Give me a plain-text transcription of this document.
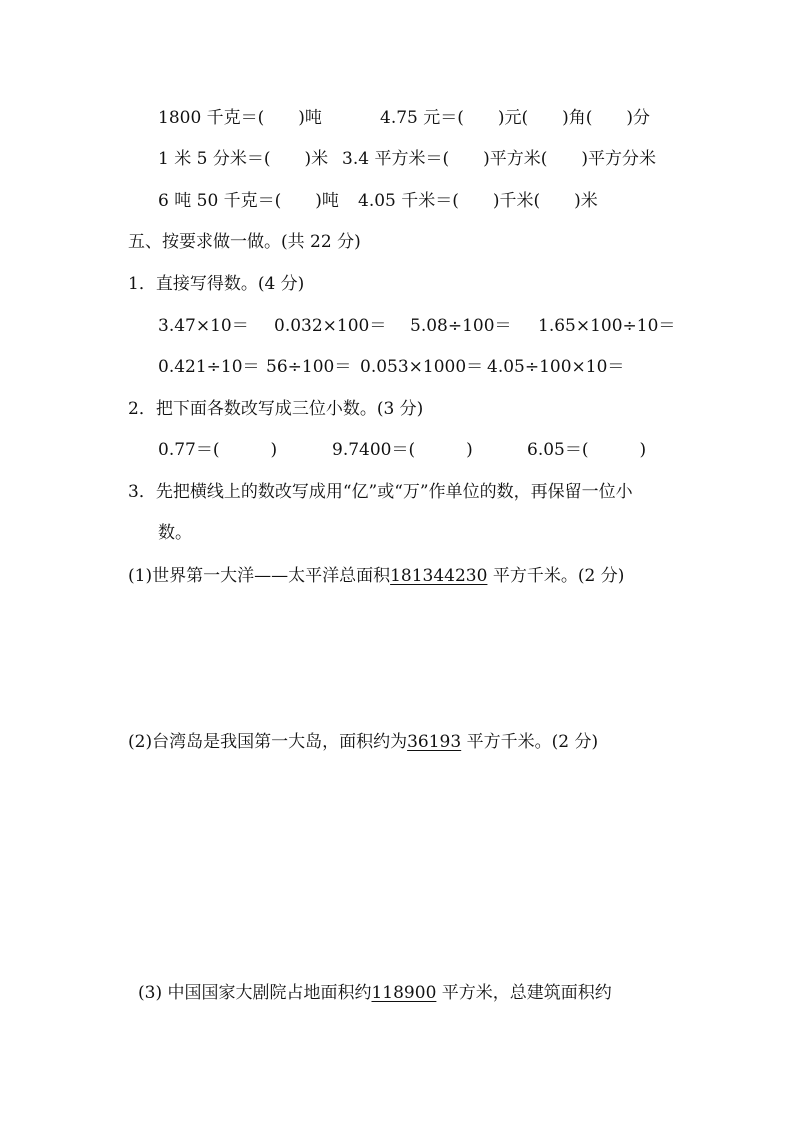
1800 千克＝(　　)吨	4.75 元＝(　　)元(　　)角(　　)分
1 米 5 分米＝(　　)米 3.4 平方米＝(　　)平方米(　　)平方分米
6 吨 50 千克＝(　　)吨 4.05 千米＝(　　)千米(　　)米
五、按要求做一做。(共 22 分)
1．直接写得数。(4 分)
3.47×10＝ 0.032×100＝ 5.08÷100＝ 1.65×100÷10＝
0.421÷10＝ 56÷100＝ 0.053×1000＝ 4.05÷100×10＝
2．把下面各数改写成三位小数。(3 分)
0.77＝(　　　)	9.7400＝(　　　)	6.05＝(　　　)
3．先把横线上的数改写成用“亿”或“万”作单位的数，再保留一位小
数。
(1)世界第一大洋——太平洋总面积181344230 平方千米。(2 分)
(2)台湾岛是我国第一大岛，面积约为36193 平方千米。(2 分)
(3) 中国国家大剧院占地面积约118900 平方米，总建筑面积约
